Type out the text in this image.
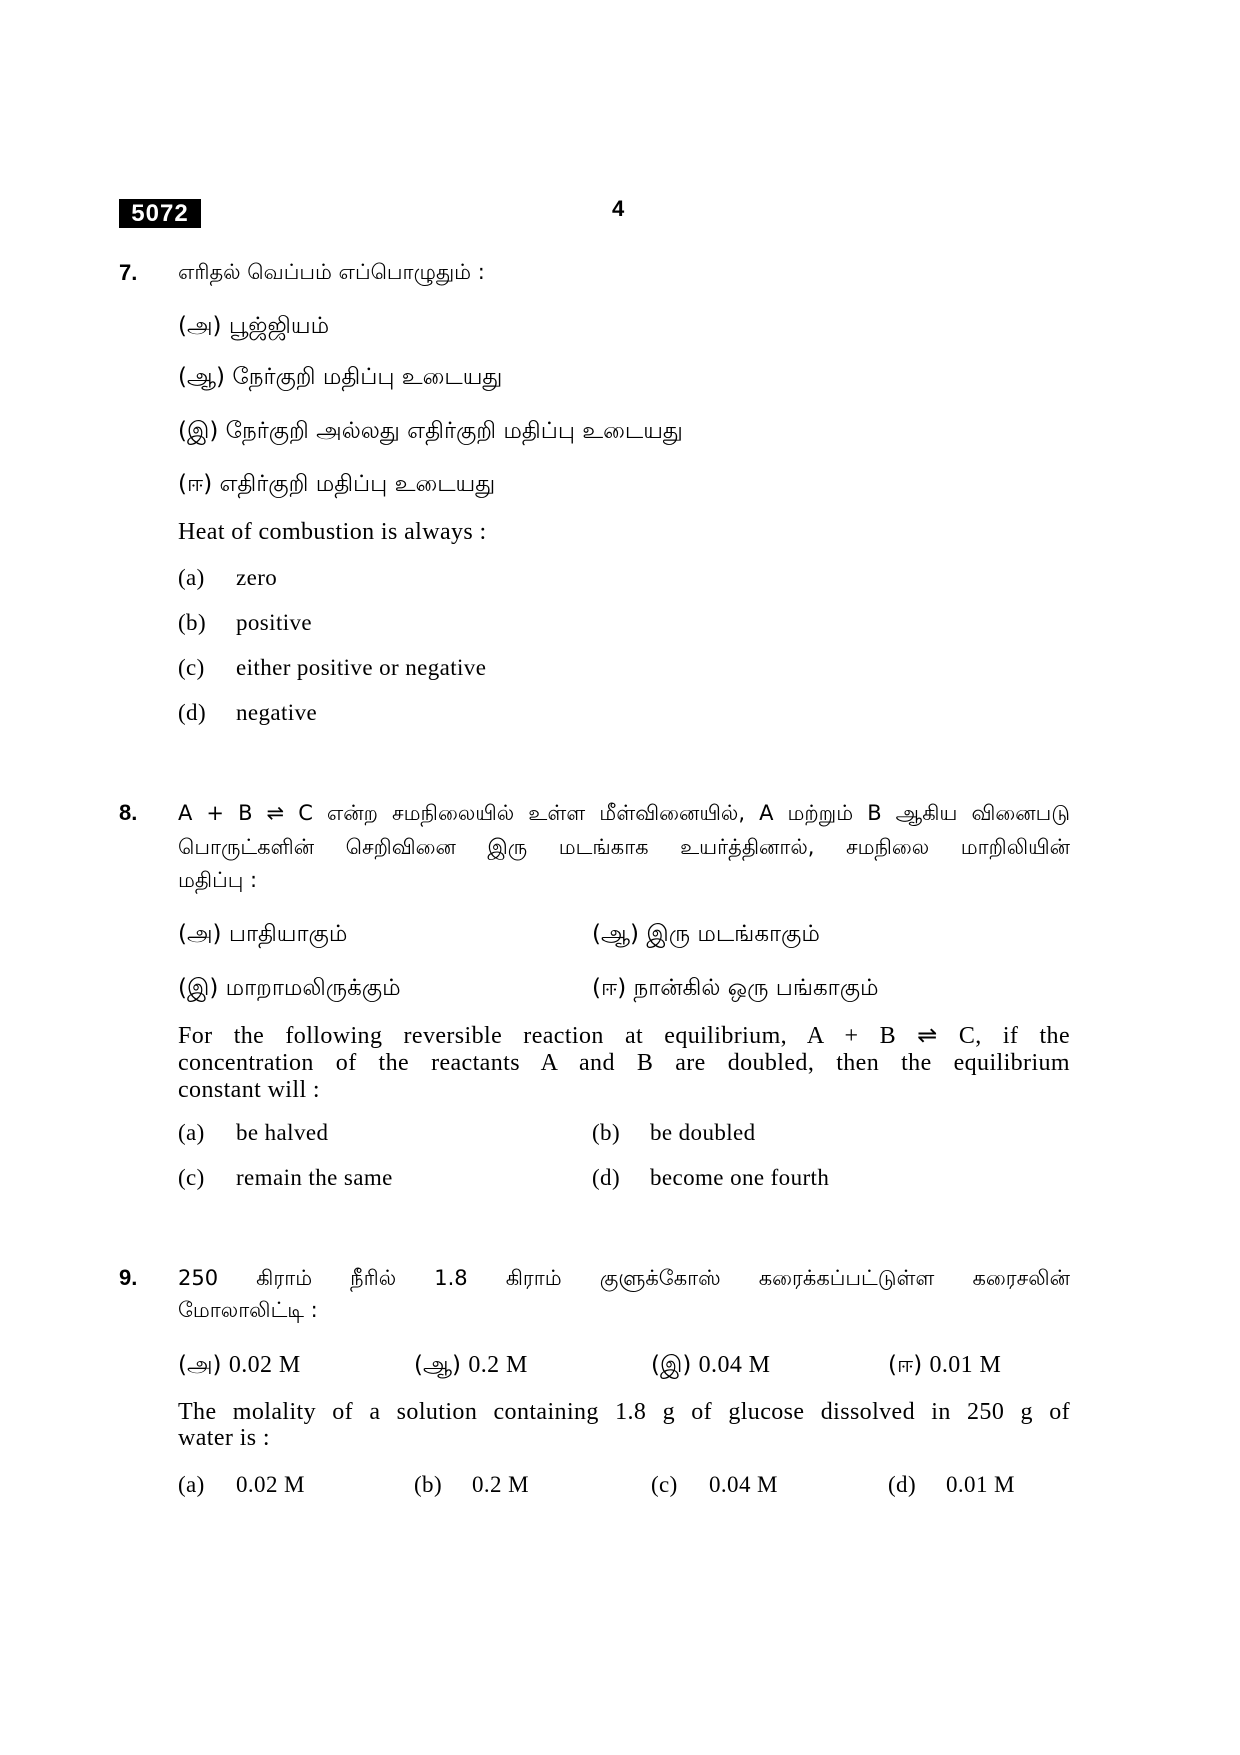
5072	4
7. எரிதல் வெப்பம் எப்பொழுதும் :
(அ) பூஜ்ஜியம்
(ஆ) நேர்குறி மதிப்பு உடையது
(இ) நேர்குறி அல்லது எதிர்குறி மதிப்பு உடையது
(ஈ) எதிர்குறி மதிப்பு உடையது
Heat of combustion is always :
(a) zero
(b) positive
(c) either positive or negative
(d) negative
8. A + B ⇌ C என்ற சமநிலையில் உள்ள மீள்வினையில், A மற்றும் B ஆகிய வினைபடு
பொருட்களின் செறிவினை இரு மடங்காக உயர்த்தினால், சமநிலை மாறிலியின்
மதிப்பு :
(அ) பாதியாகும்	(ஆ) இரு மடங்காகும்
(இ) மாறாமலிருக்கும்	(ஈ) நான்கில் ஒரு பங்காகும்
For the following reversible reaction at equilibrium, A + B ⇌ C, if the
concentration of the reactants A and B are doubled, then the equilibrium
constant will :
(a) be halved	(b) be doubled
(c) remain the same	(d) become one fourth
9. 250 கிராம் நீரில் 1.8 கிராம் குளுக்கோஸ் கரைக்கப்பட்டுள்ள கரைசலின்
மோலாலிட்டி :
(அ) 0.02 M	(ஆ) 0.2 M	(இ) 0.04 M	(ஈ) 0.01 M
The molality of a solution containing 1.8 g of glucose dissolved in 250 g of
water is :
(a) 0.02 M	(b) 0.2 M	(c) 0.04 M	(d) 0.01 M
